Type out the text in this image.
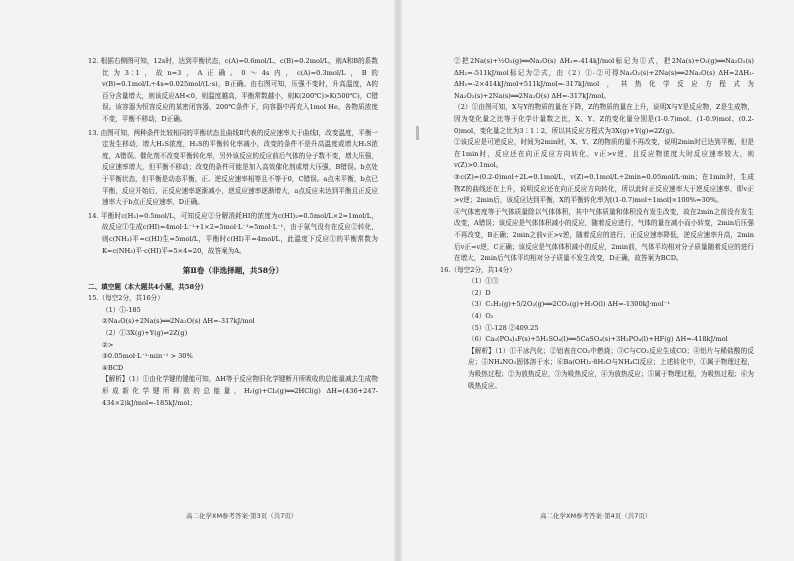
12. 根据右侧图可知，12s时，达到平衡状态，c(A)=0.6mol/L、c(B)=0.2mol/L，则A和B的系数比为3∶1，故n=3，A正确。0～4s内，c(A)=0.3mol/L，B的 v(B)=0.1mol/L÷4s=0.025mol/(L·s)，B正确。由右图可知，压强不变时，升高温度，A的百分含量增大，则该反应ΔH<0，则温度越高，平衡常数越小，则K(200℃)>K(500℃)，C错误。该容器为恒容反应的某密闭容器，200℃条件下，向容器中再充入1mol He，各物质浓度不变，平衡不移动，D正确。

13. 由图可知，两种条件比较相同的平衡状态且曲线Ⅱ代表的反应速率大于曲线Ⅰ，改变温度，平衡一定发生移动，增大H₂S浓度，H₂S的平衡转化率减小，改变的条件不是升高温度或增大H₂S浓度，A错误。催化剂不改变平衡转化率，另外该反应的反应前后气体的分子数不变，增大压强，反应速率增大，但平衡不移动；改变的条件可能是加入高效催化剂或增大压强，B错误。b点处于平衡状态，但平衡是动态平衡，正、逆反应速率相等且不等于0，C错误。a点未平衡，b点已平衡，反应开始后，正反应速率逐渐减小，逆反应速率逐渐增大，a点反应未达到平衡且正反应速率大于b点正反应速率，D正确。

14. 平衡时c(H₂)=0.5mol/L，可知反应②分解消耗HI的浓度为c(HI)₂=0.5mol/L×2=1mol/L，故反应①生成c(HI)=4mol·L⁻¹+1×2=5mol·L⁻¹=5mol·L⁻¹，由于氨气没有在反应②转化，则c(NH₃)平=c(HI)生=5mol/L，平衡时c(HI)平=4mol/L，此温度下反应①的平衡常数为K=c(NH₃)平·c(HI)平=5×4=20，故答案为A。

第Ⅱ卷（非选择题，共58分）

二、填空题（本大题共4小题，共58分）

15.（每空2分，共16分）

（1）①-185

②Na₂O(s)+2Na(s)══2Na₂O(s) ΔH=-317kJ/mol

（2）①3X(g)+Y(g)⇌2Z(g)

②>

③0.05mol·L⁻¹·min⁻¹ > 30%

④BCD

【解析】（1）①由化学键的键能可知，ΔH等于反应物旧化学键断开所吸收的总能量减去生成物形成新化学键所释放的总能量，H₂(g)+Cl₂(g)══2HCl(g) ΔH=(436+247-434×2)kJ/mol=-185kJ/mol；

②把2Na(s)+½O₂(g)══Na₂O(s) ΔH₁=-414kJ/mol标记为①式，把2Na(s)+O₂(g)══Na₂O₂(s) ΔH₂=-511kJ/mol标记为②式，由（2）①-②可得Na₂O₂(s)+2Na(s)══2Na₂O(s) ΔH=2ΔH₁-ΔH₂=-2×414kJ/mol+511kJ/mol=-317kJ/mol，其热化学反应方程式为Na₂O₂(s)+2Na(s)══2Na₂O(s) ΔH=-317kJ/mol。

（2）①由图可知，X与Y的物质的量在下降，Z的物质的量在上升，说明X与Y是反应物，Z是生成物，因为变化量之比等于化学计量数之比，X、Y、Z的变化量分别是(1-0.7)mol、(1-0.9)mol、(0.2-0)mol，变化量之比为3∶1∶2，所以其反应方程式为3X(g)+Y(g)⇌2Z(g)。

②该反应是可逆反应，时间为2min时，X、Y、Z的物质的量不再改变，说明2min时已达到平衡，但是在1min时，反应还在向正反应方向转化，v正>v逆，且反应物浓度大时反应速率较大，则v(Z)>0.1mol。

③c(Z)=(0.2-0)mol÷2L=0.1mol/L，v(Z)=0.1mol/L÷2min=0.05mol/L·min；在1min时，生成物Z的曲线还在上升，说明反应还在向正反应方向转化，所以此时正反应速率大于逆反应速率，即v正>v逆；2min后，该反应达到平衡，X的平衡转化率为[(1-0.7)mol÷1mol]×100%=30%。

④气体密度等于气体质量除以气体体积，其中气体质量和体积没有发生改变，故在2min之前没有发生改变，A错误；该反应是气体体积减小的反应，随着反应进行，气体的量在减小而小转变，2min后压强不再改变，B正确；2min之前v正>v逆，随着反应的进行，正反应速率降低，逆反应速率升高，2min后v正=v逆，C正确；该反应是气体体积减小的反应，2min前，气体平均相对分子质量随着反应的进行在增大，2min后气体平均相对分子质量不发生改变，D正确，故答案为BCD。

16.（每空2分，共14分）

（1）①③

（2）D

（3）C₂H₂(g)+5/2O₂(g)══2CO₂(g)+H₂O(l) ΔH=-1300kJ·mol⁻¹

（4）O₂

（5）①-128 ②409.25

（6）Ca₅(PO₄)₃F(s)+5H₂SO₄(l)══5CaSO₄(s)+3H₃PO₄(l)+HF(g) ΔH=-418kJ/mol

【解析】（1）①干冰汽化；②铝表在CO₂中燃烧；③C与CO₂反应生成CO；④铝片与稀盐酸的反应；⑤NH₄NO₃固体溶于水；⑥Ba(OH)₂·8H₂O与NH₄Cl反应；上述转化中，①属于物理过程，为吸热过程；②为放热反应，③为吸热反应，④为放热反应；⑤属于物理过程，为吸热过程；⑥为吸热反应。

高二化学XM参考答案·第3页（共7页）	高二化学XM参考答案·第4页（共7页）
